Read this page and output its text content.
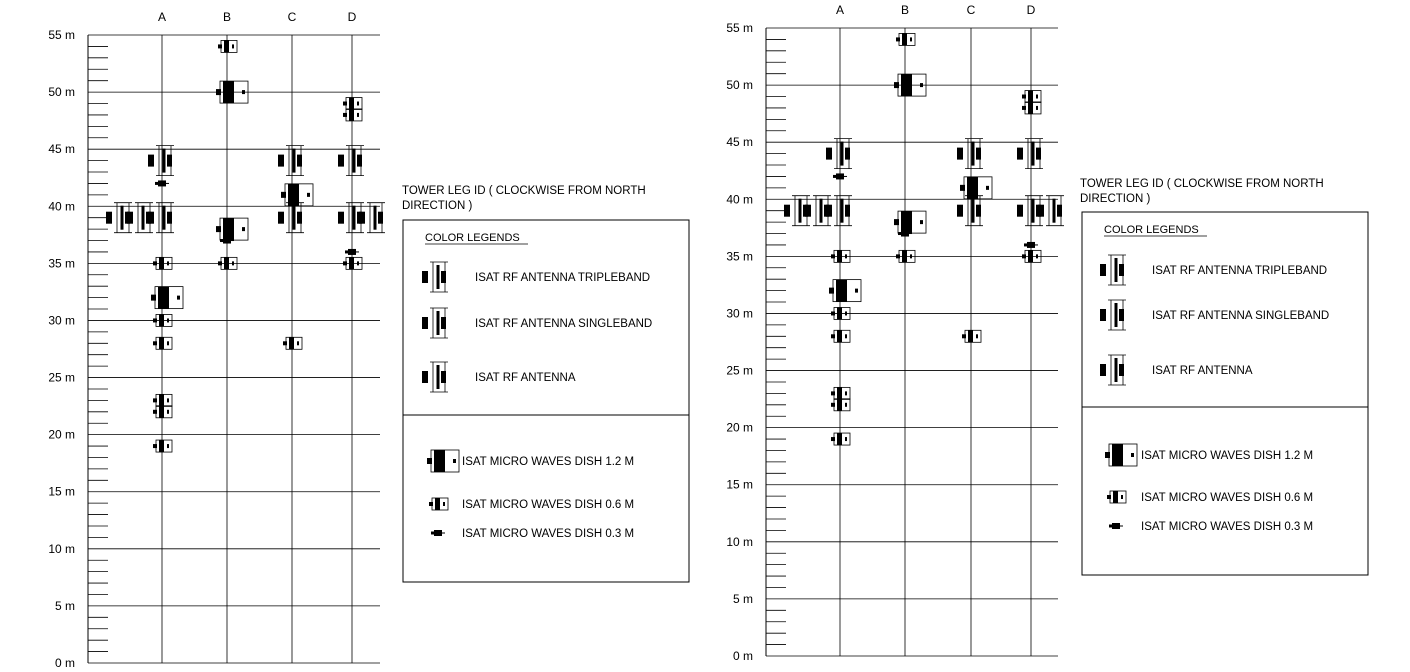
0 m
5 m
10 m
15 m
20 m
25 m
30 m
35 m
40 m
45 m
50 m
55 m
A	B	C	D
TOWER LEG ID ( CLOCKWISE FROM NORTH
DIRECTION )
COLOR LEGENDS
ISAT RF ANTENNA TRIPLEBAND
ISAT RF ANTENNA SINGLEBAND
ISAT RF ANTENNA
ISAT MICRO WAVES DISH 1.2 M
ISAT MICRO WAVES DISH 0.6 M
ISAT MICRO WAVES DISH 0.3 M
0 m
5 m
10 m
15 m
20 m
25 m
30 m
35 m
40 m
45 m
50 m
55 m
A	B	C	D
TOWER LEG ID ( CLOCKWISE FROM NORTH
DIRECTION )
COLOR LEGENDS
ISAT RF ANTENNA TRIPLEBAND
ISAT RF ANTENNA SINGLEBAND
ISAT RF ANTENNA
ISAT MICRO WAVES DISH 1.2 M
ISAT MICRO WAVES DISH 0.6 M
ISAT MICRO WAVES DISH 0.3 M
